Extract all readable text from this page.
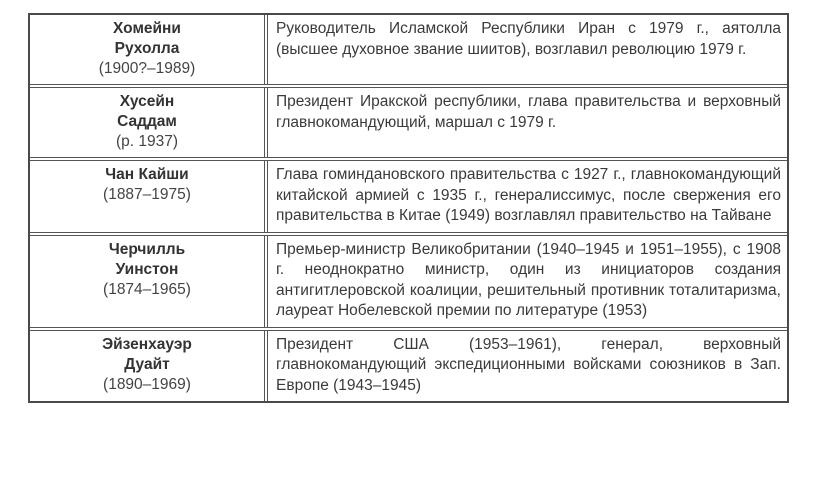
Хомейни
Рухолла
(1900?–1989)
Руководитель Исламской Республики Иран с 1979 г., аятолла (высшее духовное звание шиитов), возглавил революцию 1979 г.
Хусейн
Саддам
(р. 1937)
Президент Иракской республики, глава правительства и верховный главнокомандующий, маршал с 1979 г.
Чан Кайши
(1887–1975)
Глава гоминдановского правительства с 1927 г., главнокомандующий китайской армией с 1935 г., генералиссимус, после свержения его правительства в Китае (1949) возглавлял правительство на Тайване
Черчилль
Уинстон
(1874–1965)
Премьер-министр Великобритании (1940–1945 и 1951–1955), с 1908 г. неоднократно министр, один из инициаторов создания антигитлеровской коалиции, решительный противник тоталитаризма, лауреат Нобелевской премии по литературе (1953)
Эйзенхауэр
Дуайт
(1890–1969)
Президент США (1953–1961), генерал, верховный главнокомандующий экспедиционными войсками союзников в Зап. Европе (1943–1945)
